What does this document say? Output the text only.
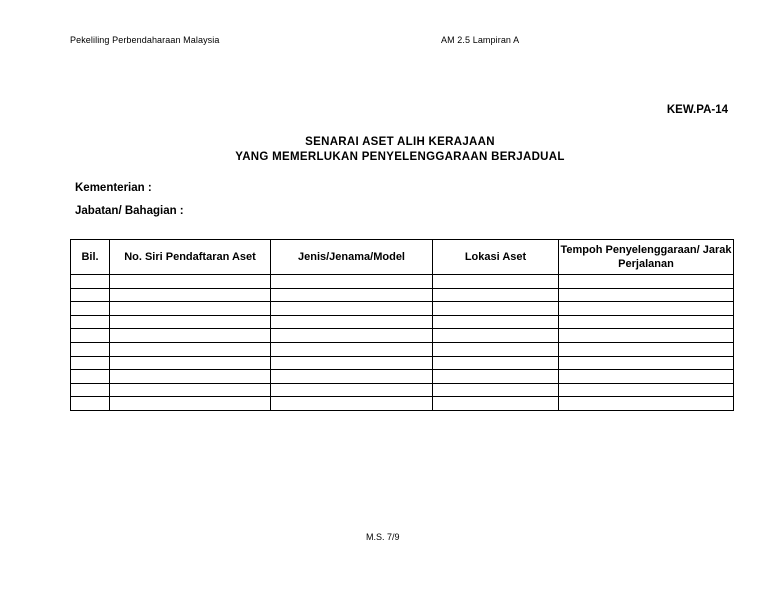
Pekeliling Perbendaharaan Malaysia	AM 2.5 Lampiran A
KEW.PA-14
SENARAI ASET ALIH KERAJAAN
YANG MEMERLUKAN PENYELENGGARAAN BERJADUAL
Kementerian :
Jabatan/ Bahagian :
Bil.	No. Siri Pendaftaran Aset	Jenis/Jenama/Model	Lokasi Aset	Tempoh Penyelenggaraan/ Jarak Perjalanan

M.S. 7/9
